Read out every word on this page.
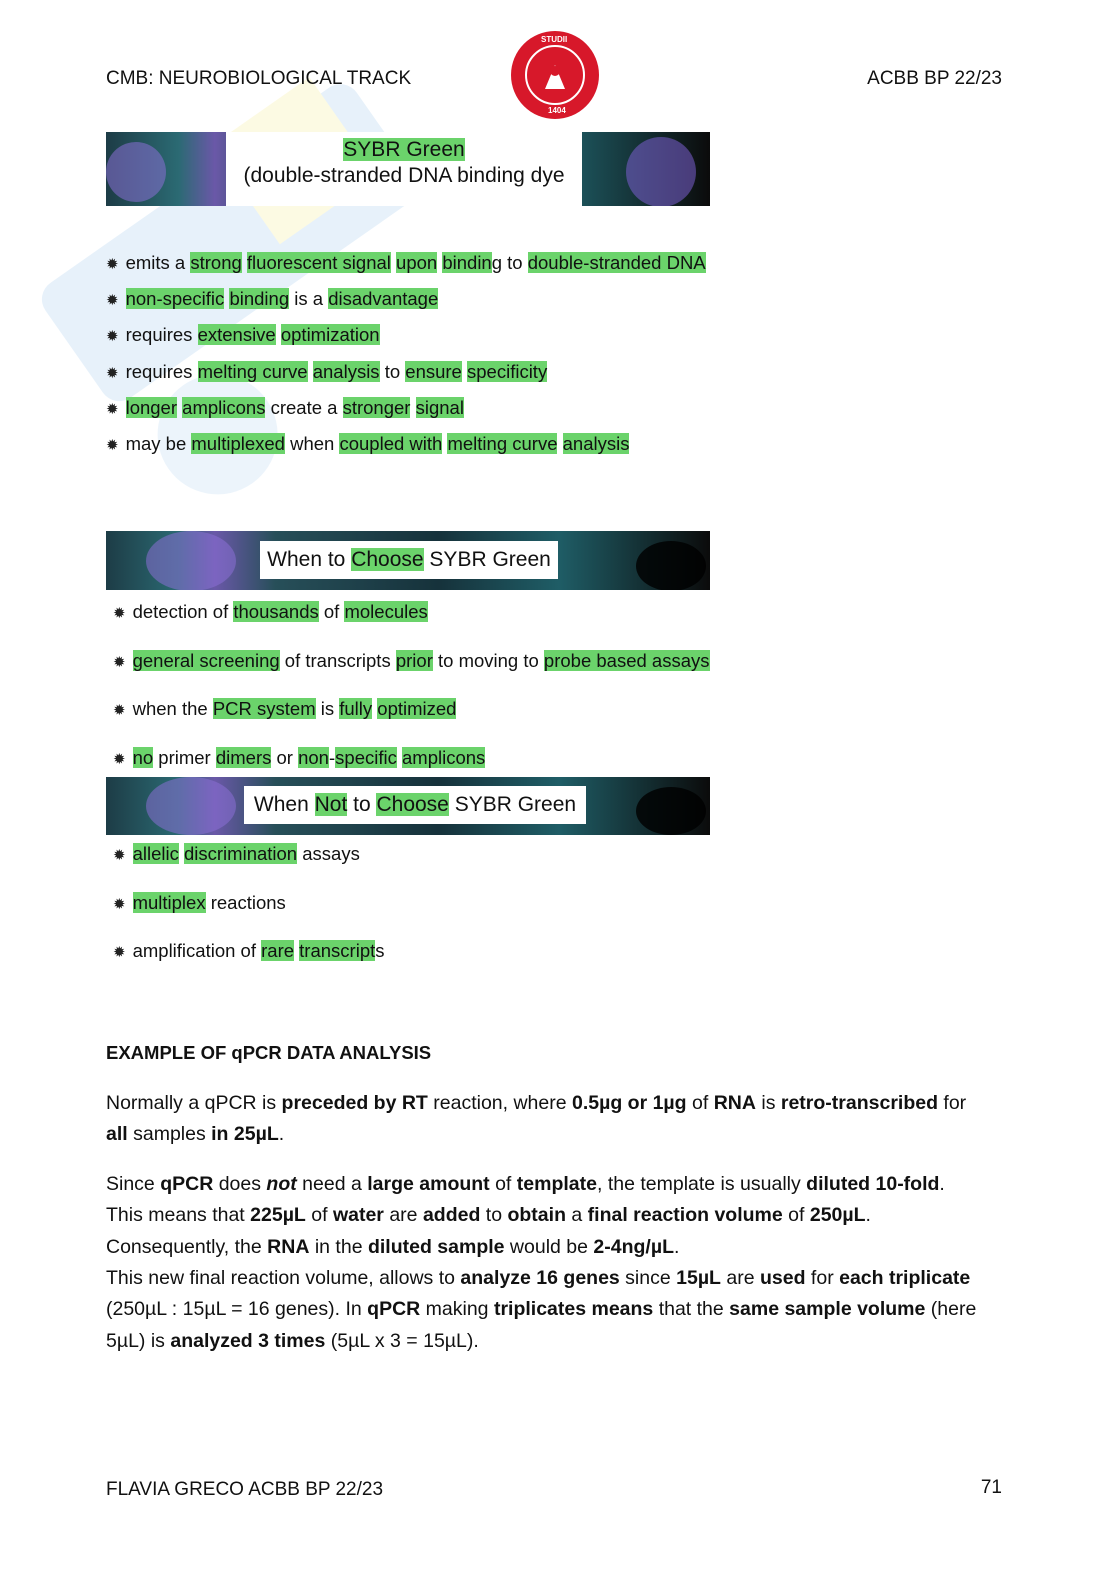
CMB: NEUROBIOLOGICAL TRACK	ACBB BP 22/23
STUDII
1404
SYBR Green
(double-stranded DNA binding dye
✹ emits a strong fluorescent signal upon binding to double-stranded DNA
✹ non-specific binding is a disadvantage
✹ requires extensive optimization
✹ requires melting curve analysis to ensure specificity
✹ longer amplicons create a stronger signal
✹ may be multiplexed when coupled with melting curve analysis
When to Choose SYBR Green
✹ detection of thousands of molecules
✹ general screening of transcripts prior to moving to probe based assays
✹ when the PCR system is fully optimized
✹ no primer dimers or non-specific amplicons
When Not to Choose SYBR Green
✹ allelic discrimination assays
✹ multiplex reactions
✹ amplification of rare transcripts
EXAMPLE OF qPCR DATA ANALYSIS
Normally a qPCR is preceded by RT reaction, where 0.5µg or 1µg of RNA is retro-transcribed for
all samples in 25µL.
Since qPCR does not need a large amount of template, the template is usually diluted 10-fold.
This means that 225µL of water are added to obtain a final reaction volume of 250µL.
Consequently, the RNA in the diluted sample would be 2-4ng/µL.
This new final reaction volume, allows to analyze 16 genes since 15µL are used for each triplicate
(250µL : 15µL = 16 genes). In qPCR making triplicates means that the same sample volume (here
5µL) is analyzed 3 times (5µL x 3 = 15µL).
FLAVIA GRECO ACBB BP 22/23	71
